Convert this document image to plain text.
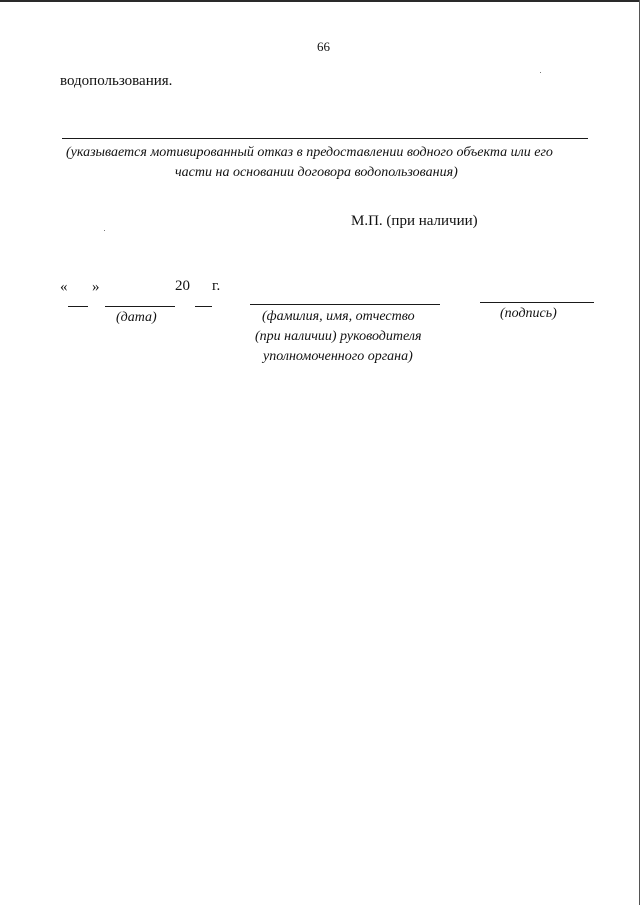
66
водопользования.
(указывается мотивированный отказ в предоставлении водного объекта или его
части на основании договора водопользования)
М.П. (при наличии)
« »	20 г.
(дата)	(фамилия, имя, отчество
(при наличии) руководителя
уполномоченного органа)
(подпись)
